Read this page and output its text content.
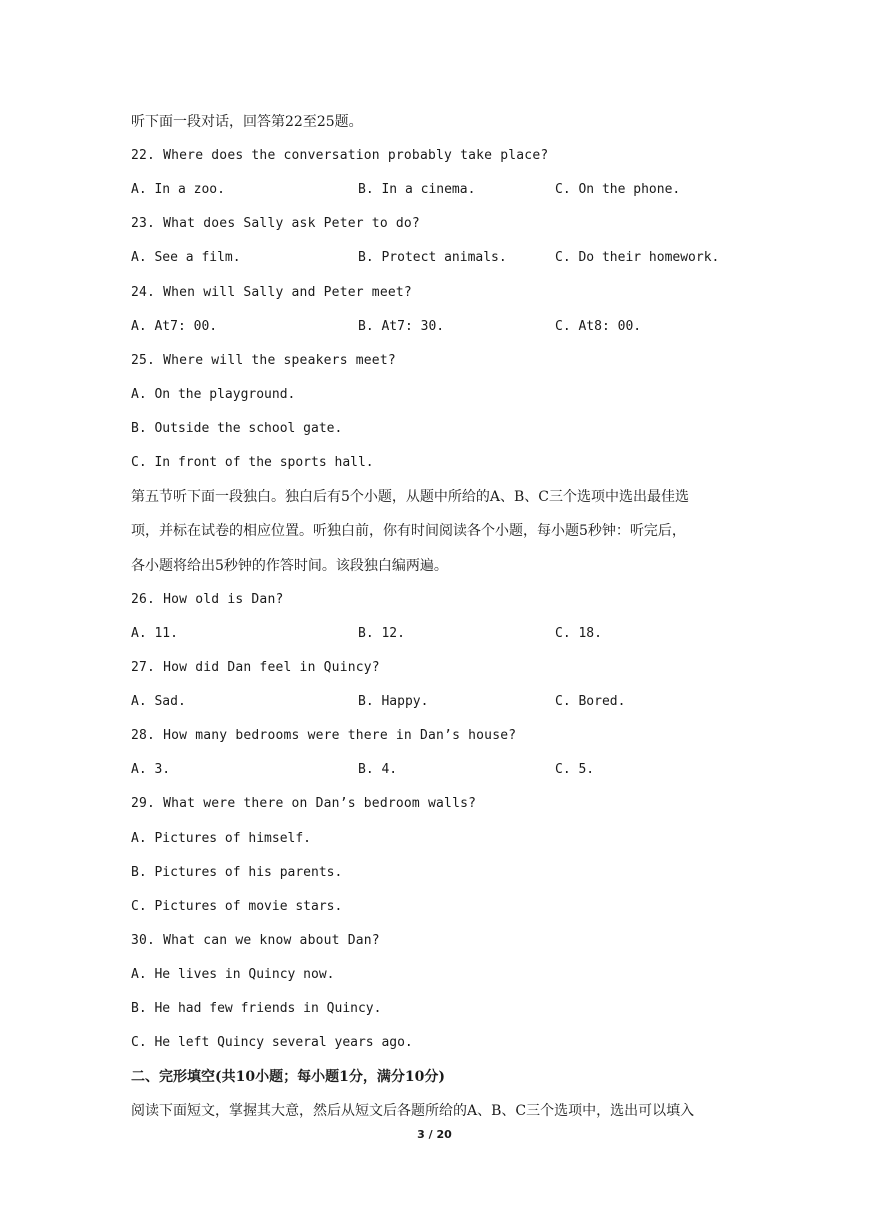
听下面一段对话，回答第22至25题。
22. Where does the conversation probably take place?
A. In a zoo.	B. In a cinema.	C. On the phone.
23. What does Sally ask Peter to do?
A. See a film.	B. Protect animals.	C. Do their homework.
24. When will Sally and Peter meet?
A. At7: 00.	B. At7: 30.	C. At8: 00.
25. Where will the speakers meet?
A. On the playground.
B. Outside the school gate.
C. In front of the sports hall.
第五节听下面一段独白。独白后有5个小题，从题中所给的A、B、C三个选项中选出最佳选
项，并标在试卷的相应位置。听独白前，你有时间阅读各个小题，每小题5秒钟：听完后，
各小题将给出5秒钟的作答时间。该段独白编两遍。
26. How old is Dan?
A. 11.	B. 12.	C. 18.
27. How did Dan feel in Quincy?
A. Sad.	B. Happy.	C. Bored.
28. How many bedrooms were there in Dan’s house?
A. 3.	B. 4.	C. 5.
29. What were there on Dan’s bedroom walls?
A. Pictures of himself.
B. Pictures of his parents.
C. Pictures of movie stars.
30. What can we know about Dan?
A. He lives in Quincy now.
B. He had few friends in Quincy.
C. He left Quincy several years ago.
二、完形填空(共10小题；每小题1分，满分10分)
阅读下面短文，掌握其大意，然后从短文后各题所给的A、B、C三个选项中，选出可以填入
3 / 20
